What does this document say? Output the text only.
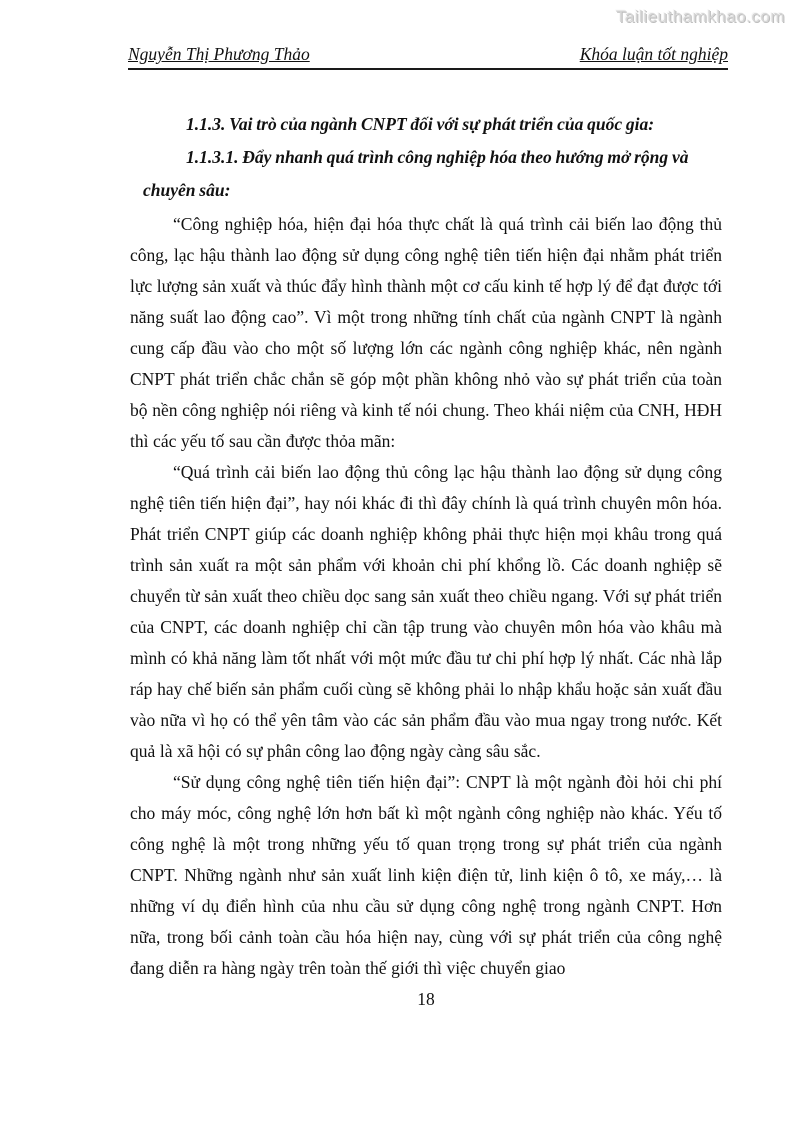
Tailieuthamkhao.com
Nguyễn Thị Phương Thảo	Khóa luận tốt nghiệp
1.1.3. Vai trò của ngành CNPT đối với sự phát triển của quốc gia:
1.1.3.1. Đẩy nhanh quá trình công nghiệp hóa theo hướng mở rộng và chuyên sâu:

“Công nghiệp hóa, hiện đại hóa thực chất là quá trình cải biến lao động thủ công, lạc hậu thành lao động sử dụng công nghệ tiên tiến hiện đại nhằm phát triển lực lượng sản xuất và thúc đẩy hình thành một cơ cấu kinh tế hợp lý để đạt được tới năng suất lao động cao”. Vì một trong những tính chất của ngành CNPT là ngành cung cấp đầu vào cho một số lượng lớn các ngành công nghiệp khác, nên ngành CNPT phát triển chắc chắn sẽ góp một phần không nhỏ vào sự phát triển của toàn bộ nền công nghiệp nói riêng và kinh tế nói chung. Theo khái niệm của CNH, HĐH thì các yếu tố sau cần được thỏa mãn:

“Quá trình cải biến lao động thủ công lạc hậu thành lao động sử dụng công nghệ tiên tiến hiện đại”, hay nói khác đi thì đây chính là quá trình chuyên môn hóa. Phát triển CNPT giúp các doanh nghiệp không phải thực hiện mọi khâu trong quá trình sản xuất ra một sản phẩm với khoản chi phí khổng lồ. Các doanh nghiệp sẽ chuyển từ sản xuất theo chiều dọc sang sản xuất theo chiều ngang. Với sự phát triển của CNPT, các doanh nghiệp chỉ cần tập trung vào chuyên môn hóa vào khâu mà mình có khả năng làm tốt nhất với một mức đầu tư chi phí hợp lý nhất. Các nhà lắp ráp hay chế biến sản phẩm cuối cùng sẽ không phải lo nhập khẩu hoặc sản xuất đầu vào nữa vì họ có thể yên tâm vào các sản phẩm đầu vào mua ngay trong nước. Kết quả là xã hội có sự phân công lao động ngày càng sâu sắc.

“Sử dụng công nghệ tiên tiến hiện đại”: CNPT là một ngành đòi hỏi chi phí cho máy móc, công nghệ lớn hơn bất kì một ngành công nghiệp nào khác. Yếu tố công nghệ là một trong những yếu tố quan trọng trong sự phát triển của ngành CNPT. Những ngành như sản xuất linh kiện điện tử, linh kiện ô tô, xe máy,… là những ví dụ điển hình của nhu cầu sử dụng công nghệ trong ngành CNPT. Hơn nữa, trong bối cảnh toàn cầu hóa hiện nay, cùng với sự phát triển của công nghệ đang diễn ra hàng ngày trên toàn thế giới thì việc chuyển giao

18
